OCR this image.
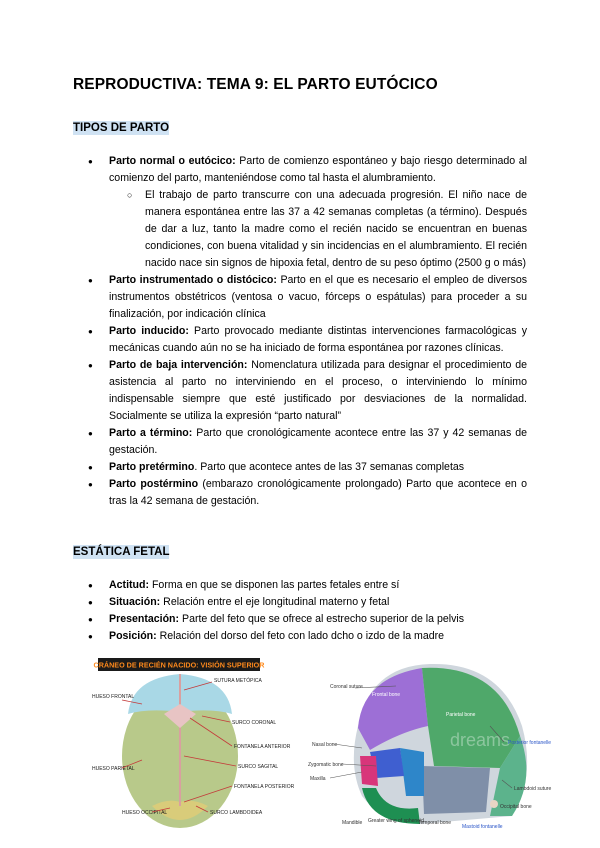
REPRODUCTIVA: TEMA 9: EL PARTO EUTÓCICO
TIPOS DE PARTO
● Parto normal o eutócico: Parto de comienzo espontáneo y bajo riesgo determinado al comienzo del parto, manteniéndose como tal hasta el alumbramiento.
○ El trabajo de parto transcurre con una adecuada progresión. El niño nace de manera espontánea entre las 37 a 42 semanas completas (a término). Después de dar a luz, tanto la madre como el recién nacido se encuentran en buenas condiciones, con buena vitalidad y sin incidencias en el alumbramiento. El recién nacido nace sin signos de hipoxia fetal, dentro de su peso óptimo (2500 g o más)
● Parto instrumentado o distócico: Parto en el que es necesario el empleo de diversos instrumentos obstétricos (ventosa o vacuo, fórceps o espátulas) para proceder a su finalización, por indicación clínica
● Parto inducido: Parto provocado mediante distintas intervenciones farmacológicas y mecánicas cuando aún no se ha iniciado de forma espontánea por razones clínicas.
● Parto de baja intervención: Nomenclatura utilizada para designar el procedimiento de asistencia al parto no interviniendo en el proceso, o interviniendo lo mínimo indispensable siempre que esté justificado por desviaciones de la normalidad. Socialmente se utiliza la expresión “parto natural”
● Parto a término: Parto que cronológicamente acontece entre las 37 y 42 semanas de gestación.
● Parto pretérmino. Parto que acontece antes de las 37 semanas completas
● Parto postérmino (embarazo cronológicamente prolongado) Parto que acontece en o tras la 42 semana de gestación.
ESTÁTICA FETAL
● Actitud: Forma en que se disponen las partes fetales entre sí
● Situación: Relación entre el eje longitudinal materno y fetal
● Presentación: Parte del feto que se ofrece al estrecho superior de la pelvis
● Posición: Relación del dorso del feto con lado dcho o izdo de la madre
CRÁNEO DE RECIÉN NACIDO: VISIÓN SUPERIOR
SUTURA METÓPICA
HUESO FRONTAL
SURCO CORONAL
FONTANELA ANTERIOR
HUESO PARIETAL	SURCO SAGITAL
FONTANELA POSTERIOR
HUESO OCCIPITAL	SURCO LAMBDOIDEA
dreams
Coronal suture
Frontal bone
Parietal bone
Nasal bone
Zygomatic bone
Maxilla
Posterior fontanelle
Lambdoid suture
Occipital bone
Mandible Greater wing of sphenoid
Temporal bone
Mastoid fontanelle
